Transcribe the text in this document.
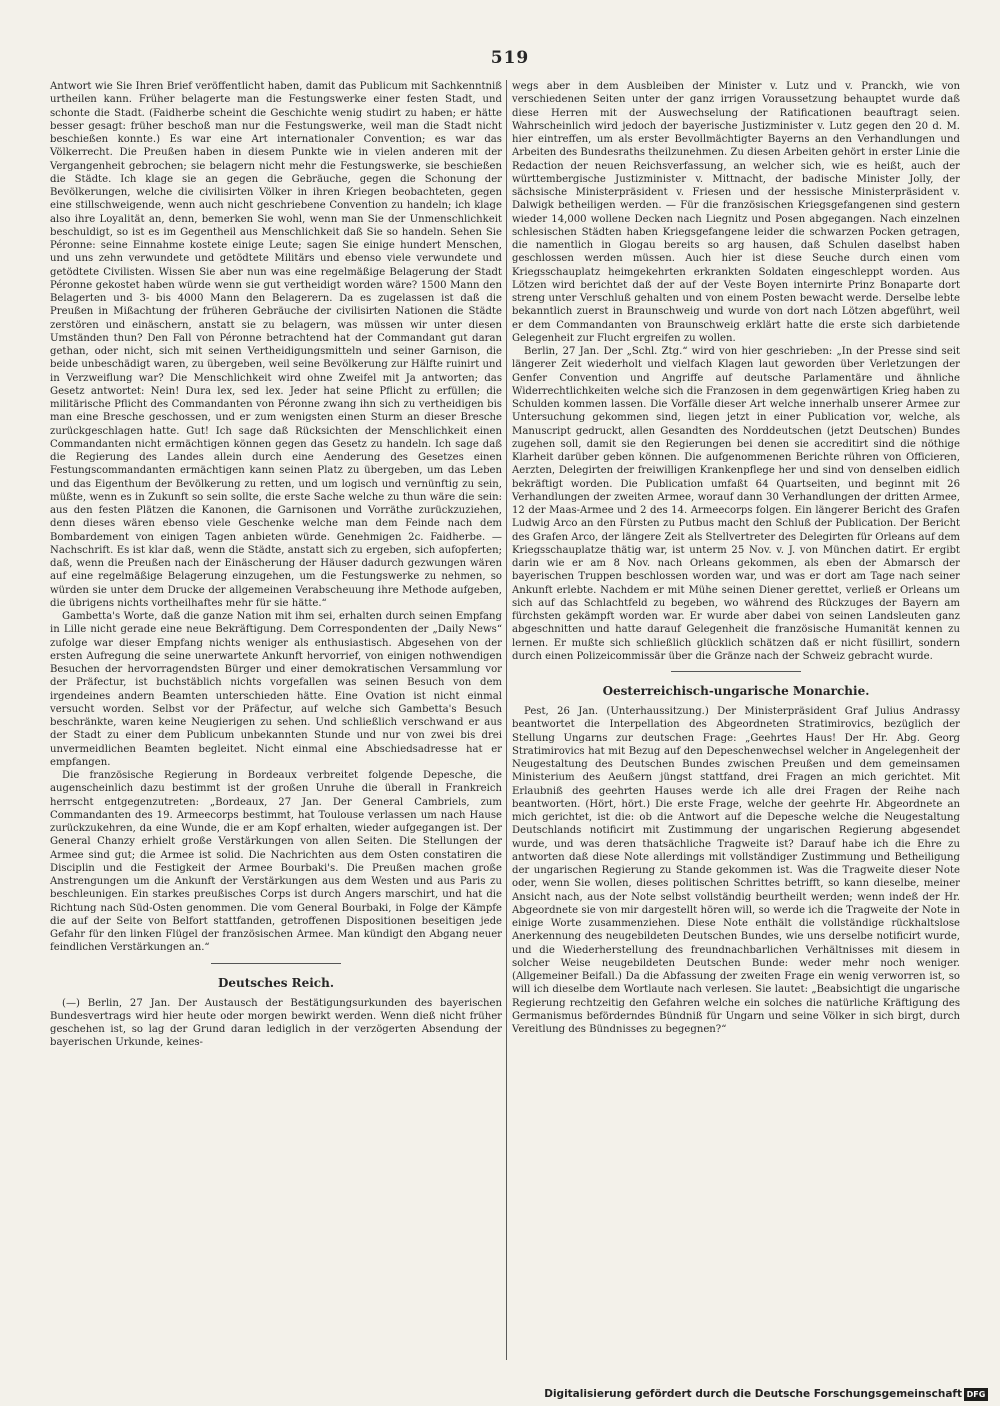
519

Antwort wie Sie Ihren Brief veröffentlicht haben, damit das Publicum mit Sachkenntniß urtheilen kann. Früher belagerte man die Festungswerke einer festen Stadt, und schonte die Stadt. (Faidherbe scheint die Geschichte wenig studirt zu haben; er hätte besser gesagt: früher beschoß man nur die Festungswerke, weil man die Stadt nicht beschießen konnte.) Es war eine Art internationaler Convention; es war das Völkerrecht. Die Preußen haben in diesem Punkte wie in vielen anderen mit der Vergangenheit gebrochen; sie belagern nicht mehr die Festungswerke, sie beschießen die Städte. Ich klage sie an gegen die Gebräuche, gegen die Schonung der Bevölkerungen, welche die civilisirten Völker in ihren Kriegen beobachteten, gegen eine stillschweigende, wenn auch nicht geschriebene Convention zu handeln; ich klage also ihre Loyalität an, denn, bemerken Sie wohl, wenn man Sie der Unmenschlichkeit beschuldigt, so ist es im Gegentheil aus Menschlichkeit daß Sie so handeln. Sehen Sie Péronne: seine Einnahme kostete einige Leute; sagen Sie einige hundert Menschen, und uns zehn verwundete und getödtete Militärs und ebenso viele verwundete und getödtete Civilisten. Wissen Sie aber nun was eine regelmäßige Belagerung der Stadt Péronne gekostet haben würde wenn sie gut vertheidigt worden wäre? 1500 Mann den Belagerten und 3- bis 4000 Mann den Belagerern. Da es zugelassen ist daß die Preußen in Mißachtung der früheren Gebräuche der civilisirten Nationen die Städte zerstören und einäschern, anstatt sie zu belagern, was müssen wir unter diesen Umständen thun? Den Fall von Péronne betrachtend hat der Commandant gut daran gethan, oder nicht, sich mit seinen Vertheidigungsmitteln und seiner Garnison, die beide unbeschädigt waren, zu übergeben, weil seine Bevölkerung zur Hälfte ruinirt und in Verzweiflung war? Die Menschlichkeit wird ohne Zweifel mit Ja antworten; das Gesetz antwortet: Nein! Dura lex, sed lex. Jeder hat seine Pflicht zu erfüllen; die militärische Pflicht des Commandanten von Péronne zwang ihn sich zu vertheidigen bis man eine Bresche geschossen, und er zum wenigsten einen Sturm an dieser Bresche zurückgeschlagen hatte. Gut! Ich sage daß Rücksichten der Menschlichkeit einen Commandanten nicht ermächtigen können gegen das Gesetz zu handeln. Ich sage daß die Regierung des Landes allein durch eine Aenderung des Gesetzes einen Festungscommandanten ermächtigen kann seinen Platz zu übergeben, um das Leben und das Eigenthum der Bevölkerung zu retten, und um logisch und vernünftig zu sein, müßte, wenn es in Zukunft so sein sollte, die erste Sache welche zu thun wäre die sein: aus den festen Plätzen die Kanonen, die Garnisonen und Vorräthe zurückzuziehen, denn dieses wären ebenso viele Geschenke welche man dem Feinde nach dem Bombardement von einigen Tagen anbieten würde. Genehmigen 2c. Faidherbe. — Nachschrift. Es ist klar daß, wenn die Städte, anstatt sich zu ergeben, sich aufopferten; daß, wenn die Preußen nach der Einäscherung der Häuser dadurch gezwungen wären auf eine regelmäßige Belagerung einzugehen, um die Festungswerke zu nehmen, so würden sie unter dem Drucke der allgemeinen Verabscheuung ihre Methode aufgeben, die übrigens nichts vortheilhaftes mehr für sie hätte.“

Gambetta's Worte, daß die ganze Nation mit ihm sei, erhalten durch seinen Empfang in Lille nicht gerade eine neue Bekräftigung. Dem Correspondenten der „Daily News“ zufolge war dieser Empfang nichts weniger als enthusiastisch. Abgesehen von der ersten Aufregung die seine unerwartete Ankunft hervorrief, von einigen nothwendigen Besuchen der hervorragendsten Bürger und einer demokratischen Versammlung vor der Präfectur, ist buchstäblich nichts vorgefallen was seinen Besuch von dem irgendeines andern Beamten unterschieden hätte. Eine Ovation ist nicht einmal versucht worden. Selbst vor der Präfectur, auf welche sich Gambetta's Besuch beschränkte, waren keine Neugierigen zu sehen. Und schließlich verschwand er aus der Stadt zu einer dem Publicum unbekannten Stunde und nur von zwei bis drei unvermeidlichen Beamten begleitet. Nicht einmal eine Abschiedsadresse hat er empfangen.

Die französische Regierung in Bordeaux verbreitet folgende Depesche, die augenscheinlich dazu bestimmt ist der großen Unruhe die überall in Frankreich herrscht entgegenzutreten: „Bordeaux, 27 Jan. Der General Cambriels, zum Commandanten des 19. Armeecorps bestimmt, hat Toulouse verlassen um nach Hause zurückzukehren, da eine Wunde, die er am Kopf erhalten, wieder aufgegangen ist. Der General Chanzy erhielt große Verstärkungen von allen Seiten. Die Stellungen der Armee sind gut; die Armee ist solid. Die Nachrichten aus dem Osten constatiren die Disciplin und die Festigkeit der Armee Bourbaki's. Die Preußen machen große Anstrengungen um die Ankunft der Verstärkungen aus dem Westen und aus Paris zu beschleunigen. Ein starkes preußisches Corps ist durch Angers marschirt, und hat die Richtung nach Süd-Osten genommen. Die vom General Bourbaki, in Folge der Kämpfe die auf der Seite von Belfort stattfanden, getroffenen Dispositionen beseitigen jede Gefahr für den linken Flügel der französischen Armee. Man kündigt den Abgang neuer feindlichen Verstärkungen an.“

Deutsches Reich.

(—) Berlin, 27 Jan. Der Austausch der Bestätigungsurkunden des bayerischen Bundesvertrags wird hier heute oder morgen bewirkt werden. Wenn dieß nicht früher geschehen ist, so lag der Grund daran lediglich in der verzögerten Absendung der bayerischen Urkunde, keines-

wegs aber in dem Ausbleiben der Minister v. Lutz und v. Pranckh, wie von verschiedenen Seiten unter der ganz irrigen Voraussetzung behauptet wurde daß diese Herren mit der Auswechselung der Ratificationen beauftragt seien. Wahrscheinlich wird jedoch der bayerische Justizminister v. Lutz gegen den 20 d. M. hier eintreffen, um als erster Bevollmächtigter Bayerns an den Verhandlungen und Arbeiten des Bundesraths theilzunehmen. Zu diesen Arbeiten gehört in erster Linie die Redaction der neuen Reichsverfassung, an welcher sich, wie es heißt, auch der württembergische Justizminister v. Mittnacht, der badische Minister Jolly, der sächsische Ministerpräsident v. Friesen und der hessische Ministerpräsident v. Dalwigk betheiligen werden. — Für die französischen Kriegsgefangenen sind gestern wieder 14,000 wollene Decken nach Liegnitz und Posen abgegangen. Nach einzelnen schlesischen Städten haben Kriegsgefangene leider die schwarzen Pocken getragen, die namentlich in Glogau bereits so arg hausen, daß Schulen daselbst haben geschlossen werden müssen. Auch hier ist diese Seuche durch einen vom Kriegsschauplatz heimgekehrten erkrankten Soldaten eingeschleppt worden. Aus Lötzen wird berichtet daß der auf der Veste Boyen internirte Prinz Bonaparte dort streng unter Verschluß gehalten und von einem Posten bewacht werde. Derselbe lebte bekanntlich zuerst in Braunschweig und wurde von dort nach Lötzen abgeführt, weil er dem Commandanten von Braunschweig erklärt hatte die erste sich darbietende Gelegenheit zur Flucht ergreifen zu wollen.

Berlin, 27 Jan. Der „Schl. Ztg.“ wird von hier geschrieben: „In der Presse sind seit längerer Zeit wiederholt und vielfach Klagen laut geworden über Verletzungen der Genfer Convention und Angriffe auf deutsche Parlamentäre und ähnliche Widerrechtlichkeiten welche sich die Franzosen in dem gegenwärtigen Krieg haben zu Schulden kommen lassen. Die Vorfälle dieser Art welche innerhalb unserer Armee zur Untersuchung gekommen sind, liegen jetzt in einer Publication vor, welche, als Manuscript gedruckt, allen Gesandten des Norddeutschen (jetzt Deutschen) Bundes zugehen soll, damit sie den Regierungen bei denen sie accreditirt sind die nöthige Klarheit darüber geben können. Die aufgenommenen Berichte rühren von Officieren, Aerzten, Delegirten der freiwilligen Krankenpflege her und sind von denselben eidlich bekräftigt worden. Die Publication umfaßt 64 Quartseiten, und beginnt mit 26 Verhandlungen der zweiten Armee, worauf dann 30 Verhandlungen der dritten Armee, 12 der Maas-Armee und 2 des 14. Armeecorps folgen. Ein längerer Bericht des Grafen Ludwig Arco an den Fürsten zu Putbus macht den Schluß der Publication. Der Bericht des Grafen Arco, der längere Zeit als Stellvertreter des Delegirten für Orleans auf dem Kriegsschauplatze thätig war, ist unterm 25 Nov. v. J. von München datirt. Er ergibt darin wie er am 8 Nov. nach Orleans gekommen, als eben der Abmarsch der bayerischen Truppen beschlossen worden war, und was er dort am Tage nach seiner Ankunft erlebte. Nachdem er mit Mühe seinen Diener gerettet, verließ er Orleans um sich auf das Schlachtfeld zu begeben, wo während des Rückzuges der Bayern am fürchsten gekämpft worden war. Er wurde aber dabei von seinen Landsleuten ganz abgeschnitten und hatte darauf Gelegenheit die französische Humanität kennen zu lernen. Er mußte sich schließlich glücklich schätzen daß er nicht füsillirt, sondern durch einen Polizeicommissär über die Gränze nach der Schweiz gebracht wurde.

Oesterreichisch-ungarische Monarchie.

Pest, 26 Jan. (Unterhaussitzung.) Der Ministerpräsident Graf Julius Andrassy beantwortet die Interpellation des Abgeordneten Stratimirovics, bezüglich der Stellung Ungarns zur deutschen Frage: „Geehrtes Haus! Der Hr. Abg. Georg Stratimirovics hat mit Bezug auf den Depeschenwechsel welcher in Angelegenheit der Neugestaltung des Deutschen Bundes zwischen Preußen und dem gemeinsamen Ministerium des Aeußern jüngst stattfand, drei Fragen an mich gerichtet. Mit Erlaubniß des geehrten Hauses werde ich alle drei Fragen der Reihe nach beantworten. (Hört, hört.) Die erste Frage, welche der geehrte Hr. Abgeordnete an mich gerichtet, ist die: ob die Antwort auf die Depesche welche die Neugestaltung Deutschlands notificirt mit Zustimmung der ungarischen Regierung abgesendet wurde, und was deren thatsächliche Tragweite ist? Darauf habe ich die Ehre zu antworten daß diese Note allerdings mit vollständiger Zustimmung und Betheiligung der ungarischen Regierung zu Stande gekommen ist. Was die Tragweite dieser Note oder, wenn Sie wollen, dieses politischen Schrittes betrifft, so kann dieselbe, meiner Ansicht nach, aus der Note selbst vollständig beurtheilt werden; wenn indeß der Hr. Abgeordnete sie von mir dargestellt hören will, so werde ich die Tragweite der Note in einige Worte zusammenziehen. Diese Note enthält die vollständige rückhaltslose Anerkennung des neugebildeten Deutschen Bundes, wie uns derselbe notificirt wurde, und die Wiederherstellung des freundnachbarlichen Verhältnisses mit diesem in solcher Weise neugebildeten Deutschen Bunde: weder mehr noch weniger. (Allgemeiner Beifall.) Da die Abfassung der zweiten Frage ein wenig verworren ist, so will ich dieselbe dem Wortlaute nach verlesen. Sie lautet: „Beabsichtigt die ungarische Regierung rechtzeitig den Gefahren welche ein solches die natürliche Kräftigung des Germanismus beförderndes Bündniß für Ungarn und seine Völker in sich birgt, durch Vereitlung des Bündnisses zu begegnen?“

Digitalisierung gefördert durch die Deutsche Forschungsgemeinschaft DFG
